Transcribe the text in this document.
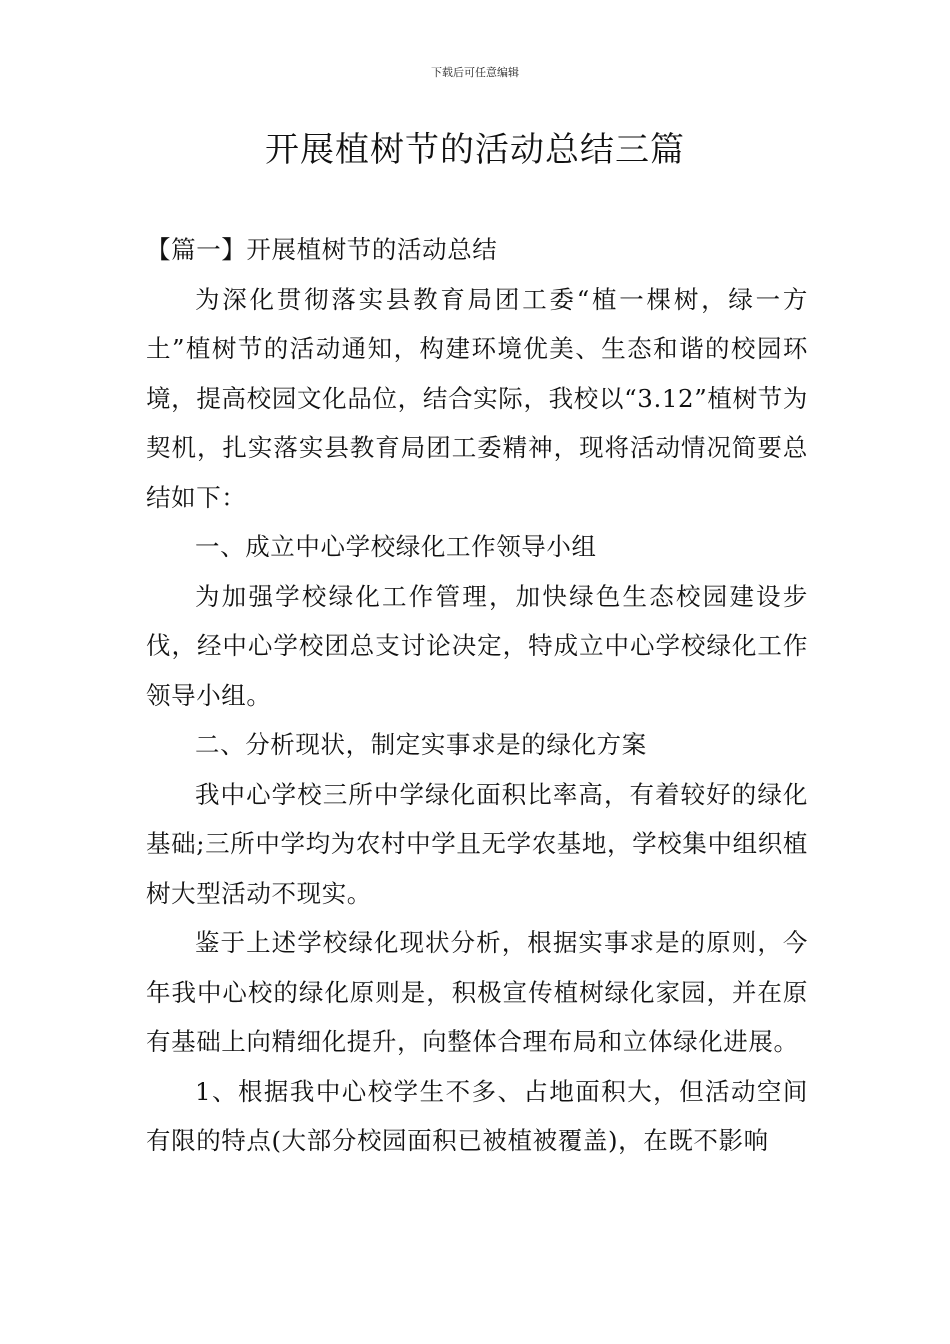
下载后可任意编辑
开展植树节的活动总结三篇

【篇一】开展植树节的活动总结

为深化贯彻落实县教育局团工委“植一棵树，绿一方土”植树节的活动通知，构建环境优美、生态和谐的校园环境，提高校园文化品位，结合实际，我校以“3.12”植树节为契机，扎实落实县教育局团工委精神，现将活动情况简要总结如下：

一、成立中心学校绿化工作领导小组

为加强学校绿化工作管理，加快绿色生态校园建设步伐，经中心学校团总支讨论决定，特成立中心学校绿化工作领导小组。

二、分析现状，制定实事求是的绿化方案

我中心学校三所中学绿化面积比率高，有着较好的绿化基础;三所中学均为农村中学且无学农基地，学校集中组织植树大型活动不现实。

鉴于上述学校绿化现状分析，根据实事求是的原则，今年我中心校的绿化原则是，积极宣传植树绿化家园，并在原有基础上向精细化提升，向整体合理布局和立体绿化进展。

1、根据我中心校学生不多、占地面积大，但活动空间有限的特点(大部分校园面积已被植被覆盖)，在既不影响
